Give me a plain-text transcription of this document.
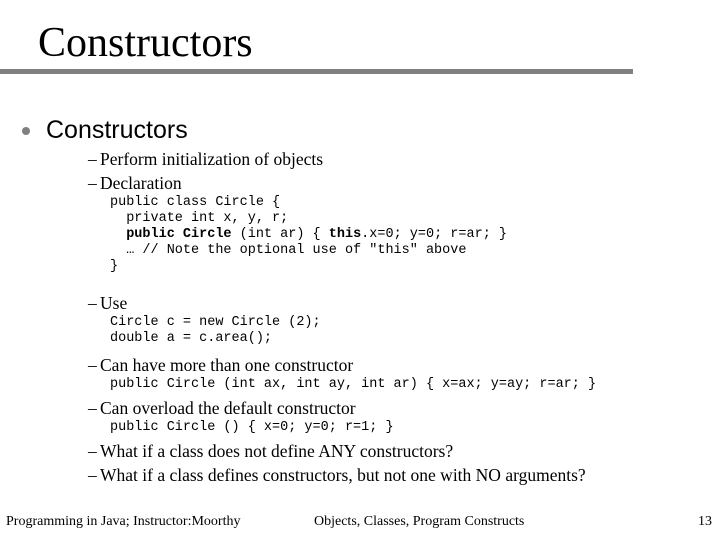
Constructors
Constructors
– Perform initialization of objects
– Declaration
public class Circle {
private int x, y, r;
public Circle (int ar) { this.x=0; y=0; r=ar; }
… // Note the optional use of "this" above
}
– Use
Circle c = new Circle (2);
double a = c.area();
– Can have more than one constructor
public Circle (int ax, int ay, int ar) { x=ax; y=ay; r=ar; }
– Can overload the default constructor
public Circle () { x=0; y=0; r=1; }
– What if a class does not define ANY constructors?
– What if a class defines constructors, but not one with NO arguments?
Programming in Java; Instructor:Moorthy	Objects, Classes, Program Constructs	13
